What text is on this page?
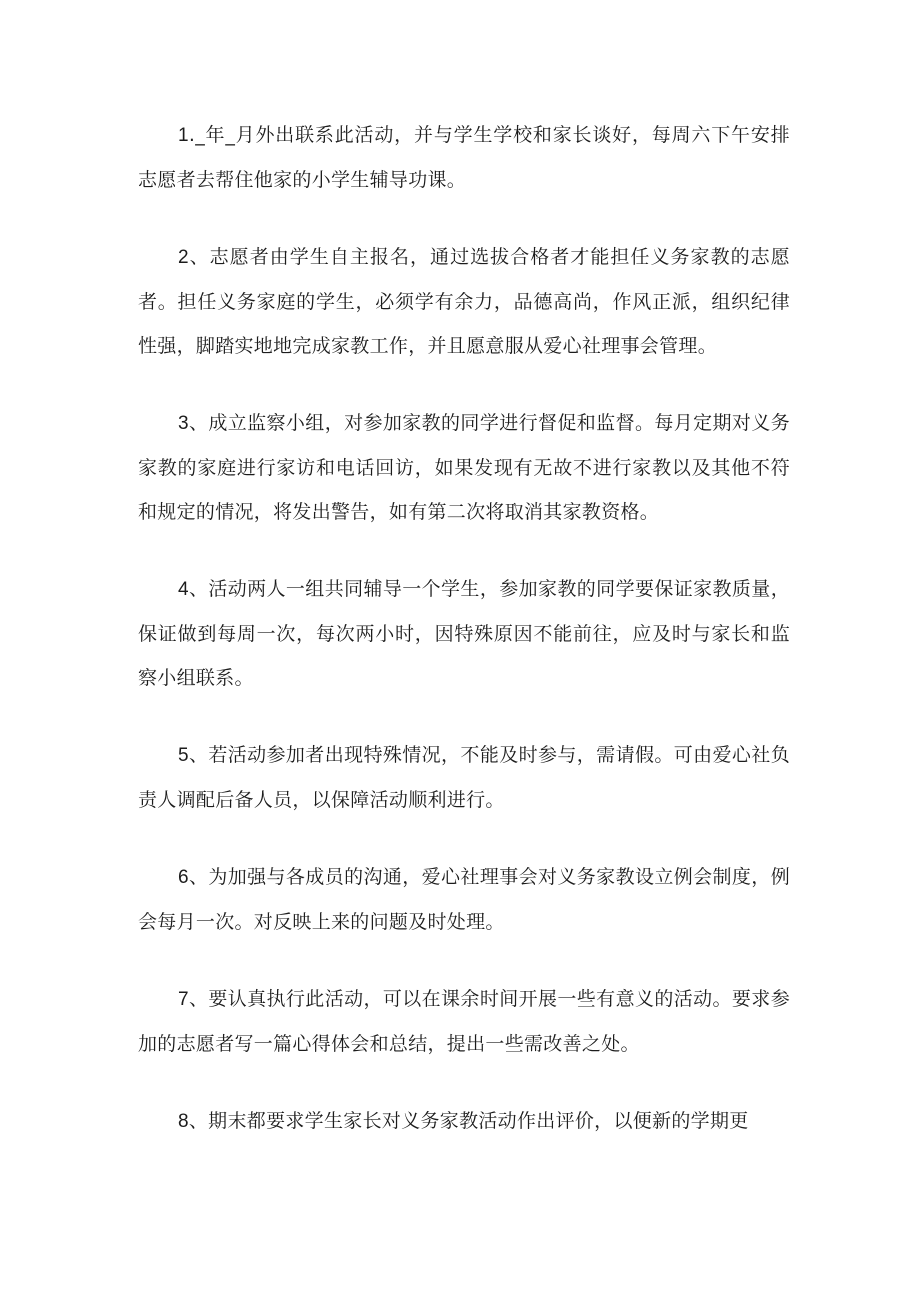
1._年_月外出联系此活动，并与学生学校和家长谈好，每周六下午安排志愿者去帮住他家的小学生辅导功课。

2、志愿者由学生自主报名，通过选拔合格者才能担任义务家教的志愿者。担任义务家庭的学生，必须学有余力，品德高尚，作风正派，组织纪律性强，脚踏实地地完成家教工作，并且愿意服从爱心社理事会管理。

3、成立监察小组，对参加家教的同学进行督促和监督。每月定期对义务家教的家庭进行家访和电话回访，如果发现有无故不进行家教以及其他不符和规定的情况，将发出警告，如有第二次将取消其家教资格。

4、活动两人一组共同辅导一个学生，参加家教的同学要保证家教质量，保证做到每周一次，每次两小时，因特殊原因不能前往，应及时与家长和监察小组联系。

5、若活动参加者出现特殊情况，不能及时参与，需请假。可由爱心社负责人调配后备人员，以保障活动顺利进行。

6、为加强与各成员的沟通，爱心社理事会对义务家教设立例会制度，例会每月一次。对反映上来的问题及时处理。

7、要认真执行此活动，可以在课余时间开展一些有意义的活动。要求参加的志愿者写一篇心得体会和总结，提出一些需改善之处。

8、期末都要求学生家长对义务家教活动作出评价，以便新的学期更
